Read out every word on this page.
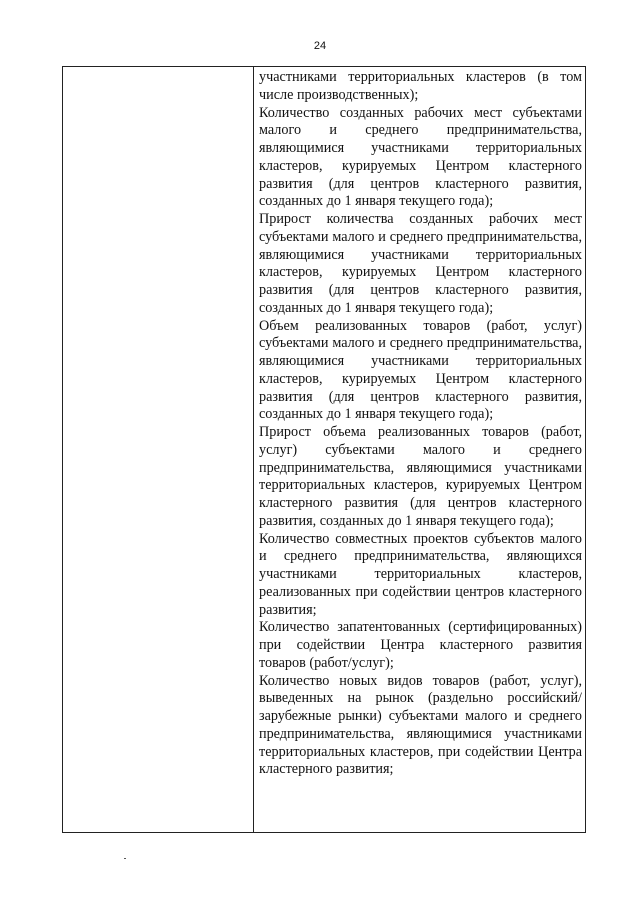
24

участниками территориальных кластеров (в том числе производственных);

Количество созданных рабочих мест субъектами малого и среднего предпринимательства, являющимися участниками территориальных кластеров, курируемых Центром кластерного развития (для центров кластерного развития, созданных до 1 января текущего года);

Прирост количества созданных рабочих мест субъектами малого и среднего предпринимательства, являющимися участниками территориальных кластеров, курируемых Центром кластерного развития (для центров кластерного развития, созданных до 1 января текущего года);

Объем реализованных товаров (работ, услуг) субъектами малого и среднего предпринимательства, являющимися участниками территориальных кластеров, курируемых Центром кластерного развития (для центров кластерного развития, созданных до 1 января текущего года);

Прирост объема реализованных товаров (работ, услуг) субъектами малого и среднего предпринимательства, являющимися участниками территориальных кластеров, курируемых Центром кластерного развития (для центров кластерного развития, созданных до 1 января текущего года);

Количество совместных проектов субъектов малого и среднего предпринимательства, являющихся участниками территориальных кластеров, реализованных при содействии центров кластерного развития;

Количество запатентованных (сертифицированных) при содействии Центра кластерного развития товаров (работ/услуг);

Количество новых видов товаров (работ, услуг), выведенных на рынок (раздельно российский/зарубежные рынки) субъектами малого и среднего предпринимательства, являющимися участниками территориальных кластеров, при содействии Центра кластерного развития;
